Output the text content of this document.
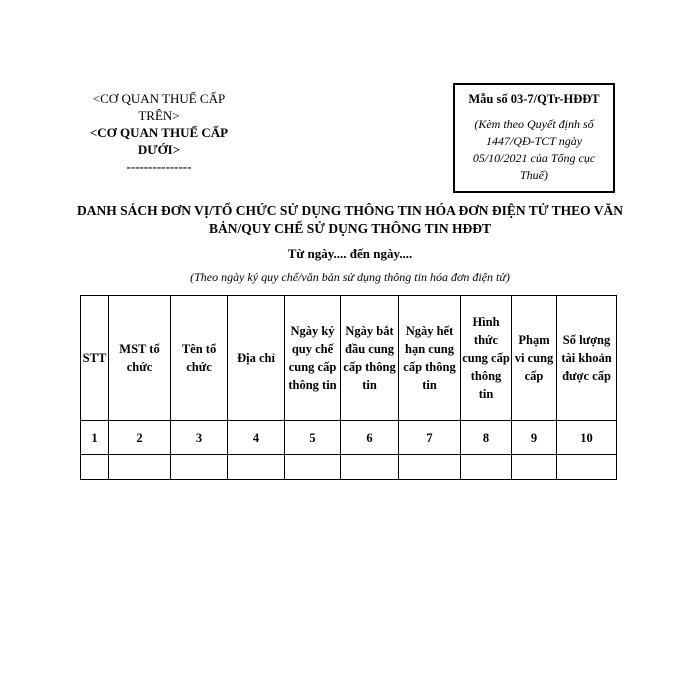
<CƠ QUAN THUẾ CẤP TRÊN>
<CƠ QUAN THUẾ CẤP DƯỚI>
---------------
Mẫu số 03-7/QTr-HĐĐT
(Kèm theo Quyết định số 1447/QĐ-TCT ngày 05/10/2021 của Tổng cục Thuế)
DANH SÁCH ĐƠN VỊ/TỔ CHỨC SỬ DỤNG THÔNG TIN HÓA ĐƠN ĐIỆN TỬ THEO VĂN BẢN/QUY CHẾ SỬ DỤNG THÔNG TIN HĐĐT
Từ ngày.... đến ngày....
(Theo ngày ký quy chế/văn bản sử dụng thông tin hóa đơn điện tử)
STT	MST tổ chức	Tên tổ chức	Địa chỉ	Ngày ký quy chế cung cấp thông tin	Ngày bắt đầu cung cấp thông tin	Ngày hết hạn cung cấp thông tin	Hình thức cung cấp thông tin	Phạm vi cung cấp	Số lượng tài khoản được cấp
1	2	3	4	5	6	7	8	9	10
